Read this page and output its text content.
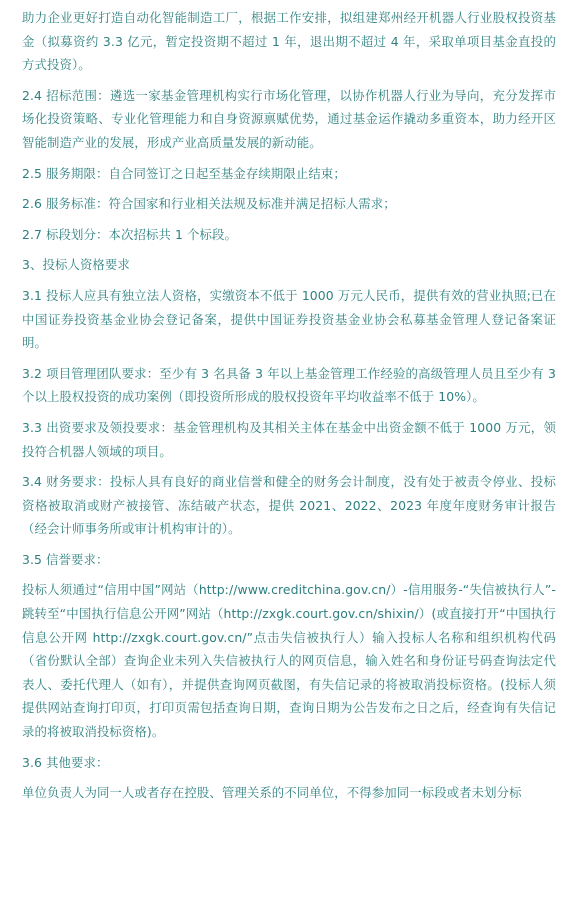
助力企业更好打造自动化智能制造工厂，根据工作安排，拟组建郑州经开机器人行业股权投资基金（拟募资约 3.3 亿元，暂定投资期不超过 1 年，退出期不超过 4 年，采取单项目基金直投的方式投资）。

2.4 招标范围：遴选一家基金管理机构实行市场化管理，以协作机器人行业为导向，充分发挥市场化投资策略、专业化管理能力和自身资源禀赋优势，通过基金运作撬动多重资本，助力经开区智能制造产业的发展，形成产业高质量发展的新动能。

2.5 服务期限：自合同签订之日起至基金存续期限止结束；

2.6 服务标准：符合国家和行业相关法规及标准并满足招标人需求；

2.7 标段划分：本次招标共 1 个标段。

3、投标人资格要求

3.1 投标人应具有独立法人资格，实缴资本不低于 1000 万元人民币，提供有效的营业执照;已在中国证券投资基金业协会登记备案，提供中国证券投资基金业协会私募基金管理人登记备案证明。

3.2 项目管理团队要求：至少有 3 名具备 3 年以上基金管理工作经验的高级管理人员且至少有 3 个以上股权投资的成功案例（即投资所形成的股权投资年平均收益率不低于 10%）。

3.3 出资要求及领投要求：基金管理机构及其相关主体在基金中出资金额不低于 1000 万元，领投符合机器人领域的项目。

3.4 财务要求：投标人具有良好的商业信誉和健全的财务会计制度，没有处于被责令停业、投标资格被取消或财产被接管、冻结破产状态，提供 2021、2022、2023 年度年度财务审计报告（经会计师事务所或审计机构审计的）。

3.5 信誉要求：

投标人须通过“信用中国”网站（http://www.creditchina.gov.cn/）-信用服务-“失信被执行人”-跳转至“中国执行信息公开网”网站（http://zxgk.court.gov.cn/shixin/）(或直接打开“中国执行信息公开网 http://zxgk.court.gov.cn/”点击失信被执行人）输入投标人名称和组织机构代码（省份默认全部）查询企业未列入失信被执行人的网页信息，输入姓名和身份证号码查询法定代表人、委托代理人（如有），并提供查询网页截图，有失信记录的将被取消投标资格。(投标人须提供网站查询打印页，打印页需包括查询日期，查询日期为公告发布之日之后，经查询有失信记录的将被取消投标资格)。

3.6 其他要求：

单位负责人为同一人或者存在控股、管理关系的不同单位，不得参加同一标段或者未划分标
